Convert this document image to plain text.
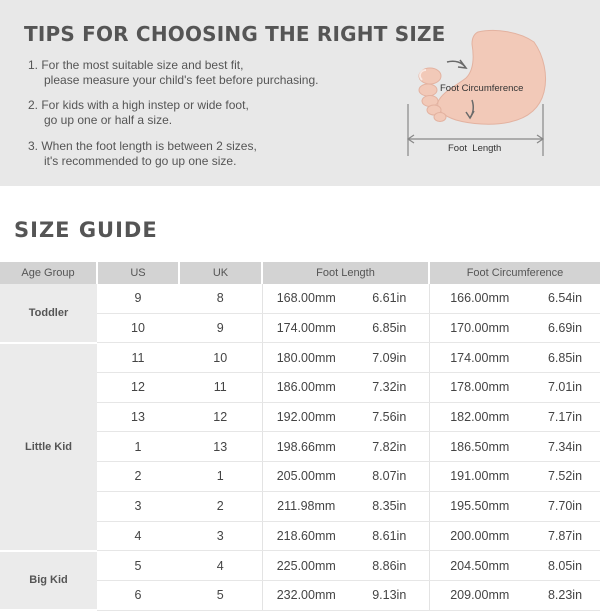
TIPS FOR CHOOSING THE RIGHT SIZE
1. For the most suitable size and best fit,
please measure your child's feet before purchasing.
2. For kids with a high instep or wide foot,
go up one or half a size.
3. When the foot length is between 2 sizes,
it's recommended to go up one size.
Foot Circumference
Foot  Length
SIZE GUIDE
Age Group	US	UK	Foot Length		Foot Circumference	
Toddler	9	8	168.00mm	6.61in	166.00mm	6.54in
	10	9	174.00mm	6.85in	170.00mm	6.69in
Little Kid	11	10	180.00mm	7.09in	174.00mm	6.85in
	12	11	186.00mm	7.32in	178.00mm	7.01in
	13	12	192.00mm	7.56in	182.00mm	7.17in
	1	13	198.66mm	7.82in	186.50mm	7.34in
	2	1	205.00mm	8.07in	191.00mm	7.52in
	3	2	211.98mm	8.35in	195.50mm	7.70in
	4	3	218.60mm	8.61in	200.00mm	7.87in
Big Kid	5	4	225.00mm	8.86in	204.50mm	8.05in
	6	5	232.00mm	9.13in	209.00mm	8.23in
